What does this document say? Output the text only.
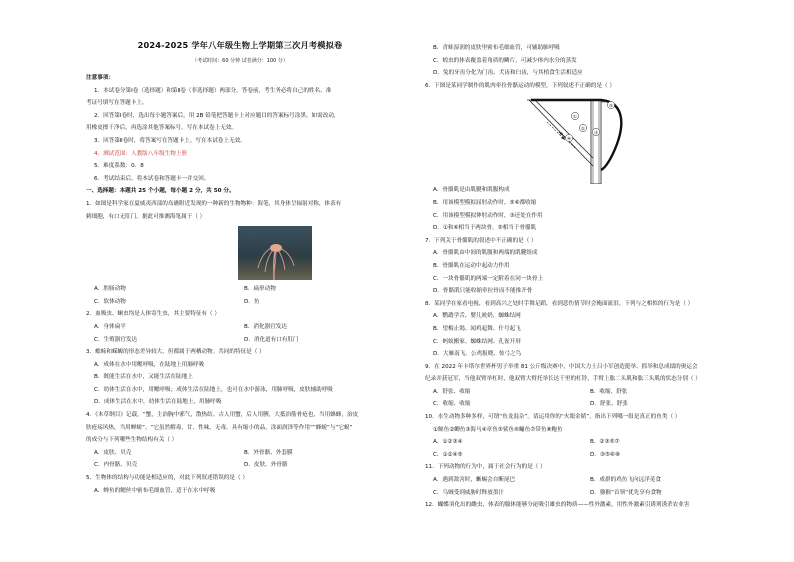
2024-2025 学年八年级生物上学期第三次月考模拟卷
（考试时间：60 分钟 试卷满分：100 分）
注意事项：
1．本试卷分第Ⅰ卷（选择题）和第Ⅱ卷（非选择题）两部分。答卷前，考生务必将自己的姓名、准
考证号填写在答题卡上。
2．回答第Ⅰ卷时，选出每小题答案后，用 2B 铅笔把答题卡上对应题目的答案标号涂黑。如需改动，
用橡皮擦干净后，再选涂其他答案标号。写在本试卷上无效。
3．回答第Ⅱ卷时，将答案写在答题卡上。写在本试卷上无效。
4．测试范围：人教版八年级生物上册
5．难度系数：0．8
6．考试结束后，将本试卷和答题卡一并交回。
一、选择题：本题共 25 个小题，每小题 2 分，共 50 分。
1．如图是科学家在夏威夷西部的岛礁附近发现的一种新的生物物种：海笔，其身体呈辐射对称，体表有
刺细胞，有口无肛门。据此可推测海笔属于（ ）
A．腔肠动物	B．扁形动物
C．软体动物	D．鱼
2．血吸虫、蛔虫均是人体寄生虫，其主要特征有（ ）
A．身体扁平	B．消化器官发达
C．生殖器官发达	D．消化道有口有肛门
3．蟾蜍和蝾螈的形态差异较大，但都属于两栖动物。共同的特征是（ ）
A．成体在水中用鳃呼吸，在陆地上用肺呼吸
B．既能生活在水中，又能生活在陆地上
C．幼体生活在水中，用鳃呼吸；成体生活在陆地上，也可在水中游泳，用肺呼吸，皮肤辅助呼吸
D．成体生活在水中，幼体生活在陆地上，用肺呼吸
4．《本草纲目》记载，“蟹，主治胸中邪气，散热结。古人用蟹，后人用膊，大抵治筋骨疮也，当用蜂蜂，治皮
肤疮疡风热，当用蝉蜕”。“它虽然解毒，甘、性味，无毒，具有缩小的品，涂面润泽等作用”“蜂蜕”与“它蜕”
的成分与下列哪些生物结构有关（ ）
A．皮肤、贝壳	B．外骨骼、外套膜
C．内骨骼、贝壳	D．皮肤、外骨骼
5．生物体的结构与功能是相适应的，对此下列叙述错误的是（ ）
A．蝉鱼的鳃丝中密布毛细血管，适于在水中呼吸
B．青蛙湿润的皮肤里密布毛细血管，可辅助肺呼吸
C．蝗虫的体表覆盖着角质的鳞片，可减少体内水分的蒸发
D．兔的牙齿分化为门齿、犬齿和臼齿，与其植食生活相适应
6．下图是某同学制作的肌肉牵拉骨骼运动的模型，下列叙述不正确的是（ ）
①
②
③
④
⑤
A．骨骼肌是由肌腱和肌腹构成
B．用该模型模拟屈肘动作时，⑤⑥都收缩
C．用该模型模拟伸肘动作时，③还处在作用
D．①和⑥相当于两块骨，⑤相当于骨骼肌
7．下列关于骨骼肌的叙述中不正确的是（ ）
A．骨骼肌由中间的肌腹和两端的肌腱组成
B．骨骼肌在运动中起动力作用
C．一块骨骼肌的两端一定附着在同一块骨上
D．骨骼肌只能收缩牵拉骨而不能推开骨
8．某同学在家看电视，看到高兴之处时手舞足蹈，看到悲伤情节时会掩面流泪。下列与之相似的行为是（ ）
A．鹦鹉学舌、婴儿吮奶、蜘蛛结网
B．望梅止渴、闻鸡起舞、什号起飞
C．蚂蚁搬家、蜘蛛结网、孔雀开屏
D．大雁南飞、公鸡报晓、惊弓之鸟
9．在 2022 年卡塔尔世界杯男子举重 81 公斤级决赛中，中国大力士吕小军创造挺举、抓举和总成绩的奥运会
纪录并获冠军，当他双臂举杠时，他双臂大臂托举长达千里的杠铃，手臂上肱二头肌和肱三头肌的状态分别（ ）
A．舒张、收缩	B．收缩、舒张
C．收缩、收缩	D．舒张、舒张
10．水生动物多种多样，可谓“鱼龙混杂”。请运用你的“火眼金睛”，指出下列哪一组是真正的鱼类（ ）
①鲸鱼②鲫鱼③海马④章鱼⑤鲨鱼⑥鳙鱼⑦带鱼⑧鲍鱼
A．①②③④	B．②③⑤⑦
C．①②④⑤	D．③⑤⑥⑧
11．下列动物的行为中，属于社会行为的是（ ）
A．遇到敌害时，蜥蜴会自断尾巴	B．成群的鸡鱼飞向远洋觅食
C．乌贼受到威胁时释放墨汁	D．猕猴“首领”优先享有食物
12．蝴蝶羽化出的雌虫，体表的腺体能够分泌吸引雄虫的物质——性外激素，用性外激素引诱剂诱杀农业害
